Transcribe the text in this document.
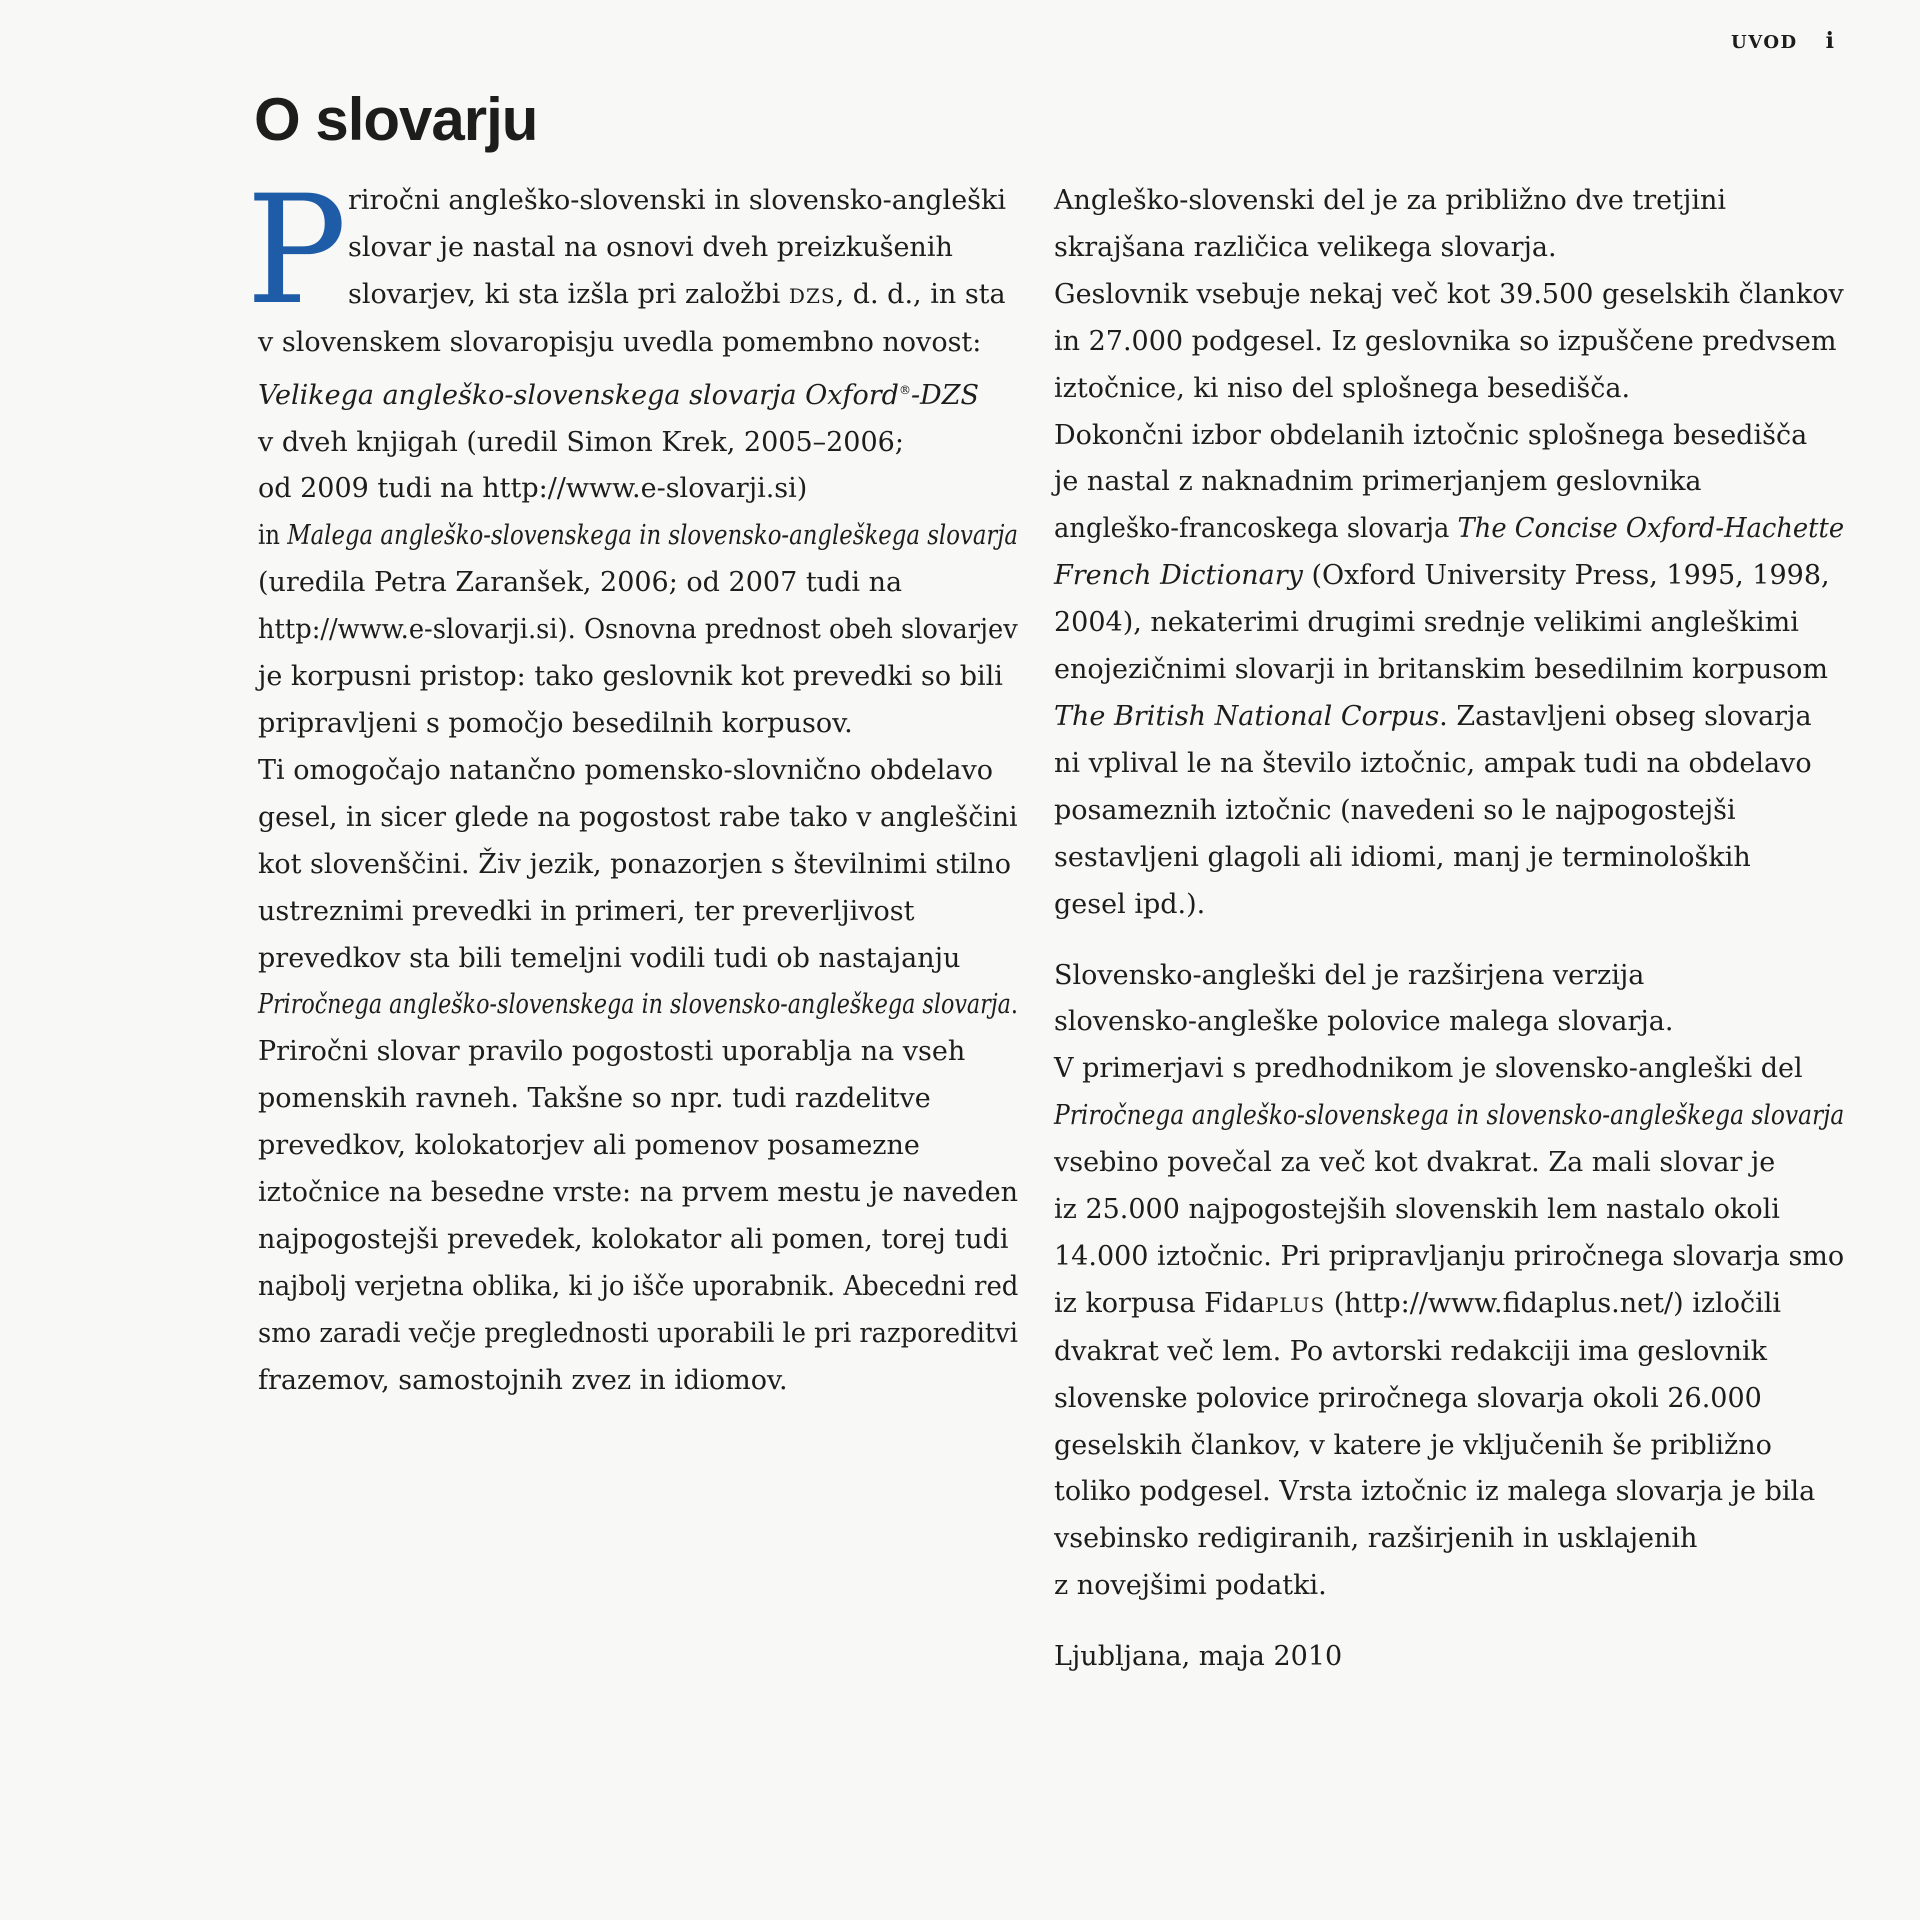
UVOD i
O slovarju
P riročni angleško-slovenski in slovensko-angleški
slovar je nastal na osnovi dveh preizkušenih
slovarjev, ki sta izšla pri založbi DZS, d. d., in sta
v slovenskem slovaropisju uvedla pomembno novost:
Velikega angleško-slovenskega slovarja Oxford®-DZS
v dveh knjigah (uredil Simon Krek, 2005–2006;
od 2009 tudi na http://www.e-slovarji.si)
in Malega angleško-slovenskega in slovensko-angleškega slovarja
(uredila Petra Zaranšek, 2006; od 2007 tudi na
http://www.e-slovarji.si). Osnovna prednost obeh slovarjev
je korpusni pristop: tako geslovnik kot prevedki so bili
pripravljeni s pomočjo besedilnih korpusov.
Ti omogočajo natančno pomensko-slovnično obdelavo
gesel, in sicer glede na pogostost rabe tako v angleščini
kot slovenščini. Živ jezik, ponazorjen s številnimi stilno
ustreznimi prevedki in primeri, ter preverljivost
prevedkov sta bili temeljni vodili tudi ob nastajanju
Priročnega angleško-slovenskega in slovensko-angleškega slovarja.
Priročni slovar pravilo pogostosti uporablja na vseh
pomenskih ravneh. Takšne so npr. tudi razdelitve
prevedkov, kolokatorjev ali pomenov posamezne
iztočnice na besedne vrste: na prvem mestu je naveden
najpogostejši prevedek, kolokator ali pomen, torej tudi
najbolj verjetna oblika, ki jo išče uporabnik. Abecedni red
smo zaradi večje preglednosti uporabili le pri razporeditvi
frazemov, samostojnih zvez in idiomov.
Angleško-slovenski del je za približno dve tretjini
skrajšana različica velikega slovarja.
Geslovnik vsebuje nekaj več kot 39.500 geselskih člankov
in 27.000 podgesel. Iz geslovnika so izpuščene predvsem
iztočnice, ki niso del splošnega besedišča.
Dokončni izbor obdelanih iztočnic splošnega besedišča
je nastal z naknadnim primerjanjem geslovnika
angleško-francoskega slovarja The Concise Oxford-Hachette
French Dictionary (Oxford University Press, 1995, 1998,
2004), nekaterimi drugimi srednje velikimi angleškimi
enojezičnimi slovarji in britanskim besedilnim korpusom
The British National Corpus. Zastavljeni obseg slovarja
ni vplival le na število iztočnic, ampak tudi na obdelavo
posameznih iztočnic (navedeni so le najpogostejši
sestavljeni glagoli ali idiomi, manj je terminoloških
gesel ipd.).
Slovensko-angleški del je razširjena verzija
slovensko-angleške polovice malega slovarja.
V primerjavi s predhodnikom je slovensko-angleški del
Priročnega angleško-slovenskega in slovensko-angleškega slovarja
vsebino povečal za več kot dvakrat. Za mali slovar je
iz 25.000 najpogostejših slovenskih lem nastalo okoli
14.000 iztočnic. Pri pripravljanju priročnega slovarja smo
iz korpusa FidaPLUS (http://www.fidaplus.net/) izločili
dvakrat več lem. Po avtorski redakciji ima geslovnik
slovenske polovice priročnega slovarja okoli 26.000
geselskih člankov, v katere je vključenih še približno
toliko podgesel. Vrsta iztočnic iz malega slovarja je bila
vsebinsko redigiranih, razširjenih in usklajenih
z novejšimi podatki.
Ljubljana, maja 2010
